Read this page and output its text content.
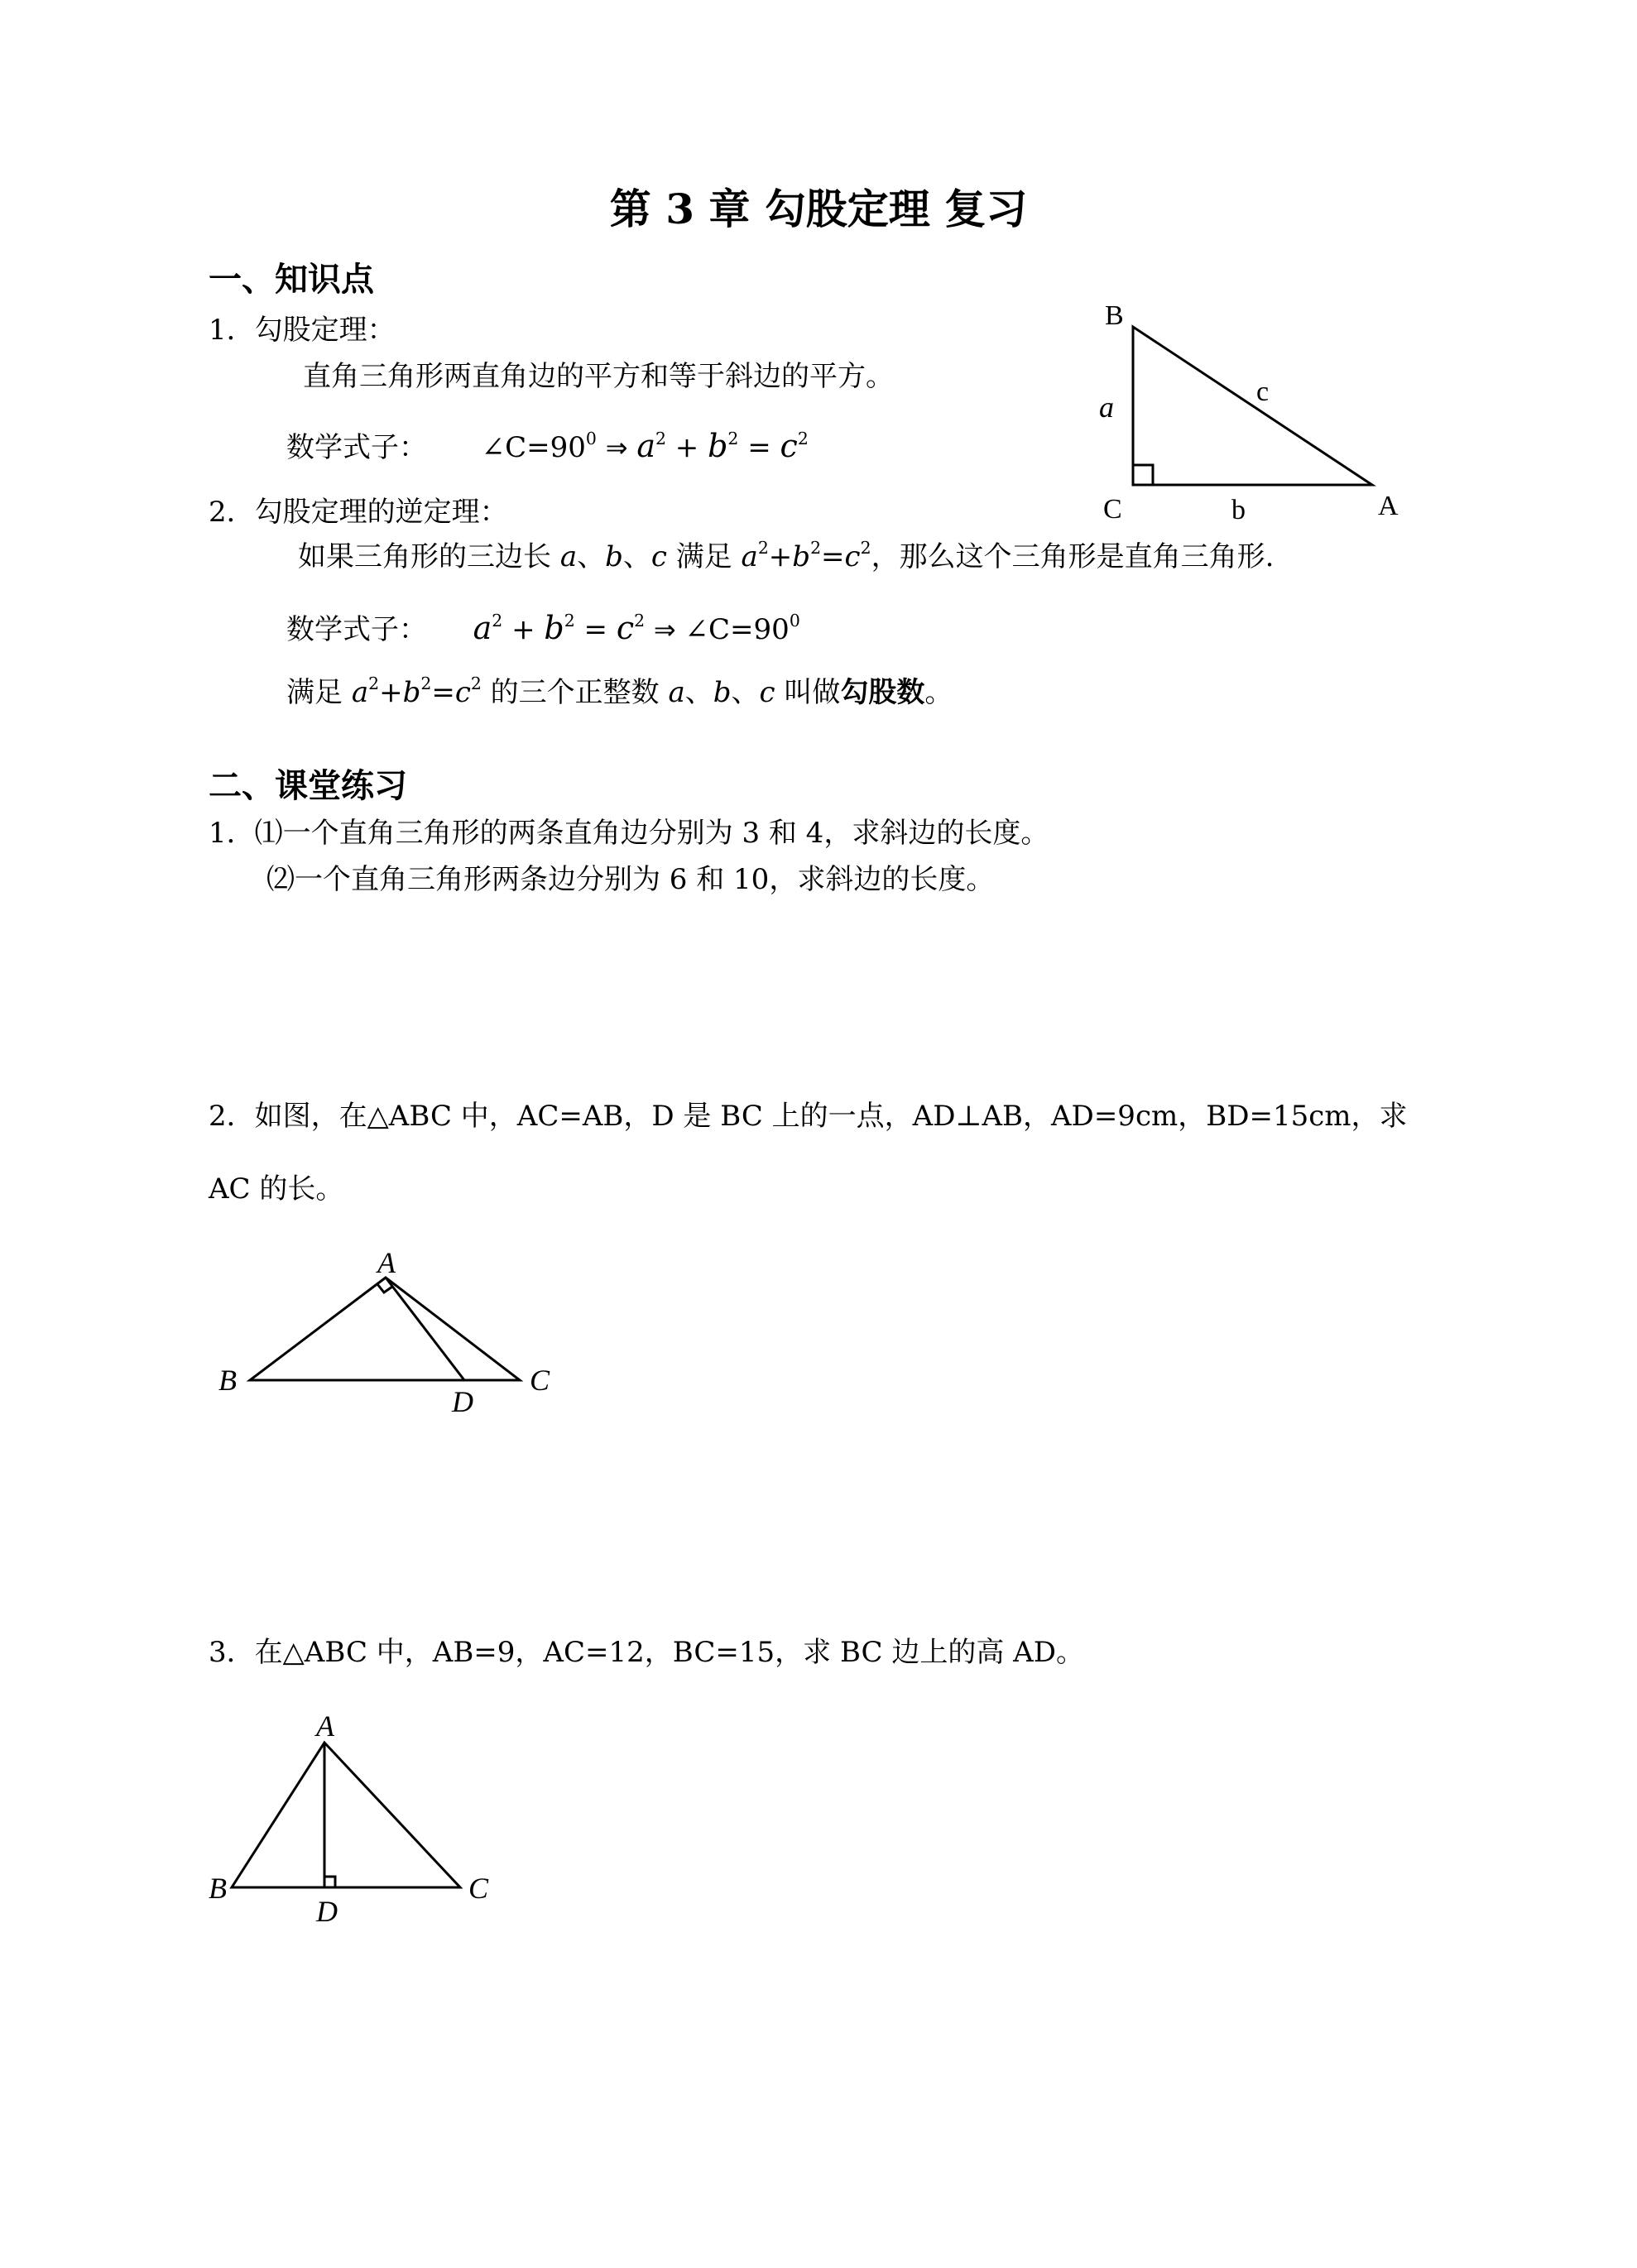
第 3 章 勾股定理 复习
一、知识点
1．勾股定理：
直角三角形两直角边的平方和等于斜边的平方。
数学式子： $\angle C=90^0$ ⇒ $a^2 + b^2 = c^2$
2．勾股定理的逆定理：
如果三角形的三边长 a、b、c 满足 $a^2+b^2=c^2$，那么这个三角形是直角三角形.
数学式子： $a^2 + b^2 = c^2$ ⇒ $\angle C=90^0$
满足 $a^2+b^2=c^2$ 的三个正整数 a、b、c 叫做勾股数。
B
C	A
a
b
c
二、课堂练习
1．⑴一个直角三角形的两条直角边分别为 3 和 4，求斜边的长度。
⑵一个直角三角形两条边分别为 6 和 10，求斜边的长度。
2．如图，在△ABC 中，AC=AB，D 是 BC 上的一点，AD⊥AB，AD=9cm，BD=15cm，求
AC 的长。
A
B	C
D
3．在△ABC 中，AB=9，AC=12，BC=15，求 BC 边上的高 AD。
A
B	C
D
